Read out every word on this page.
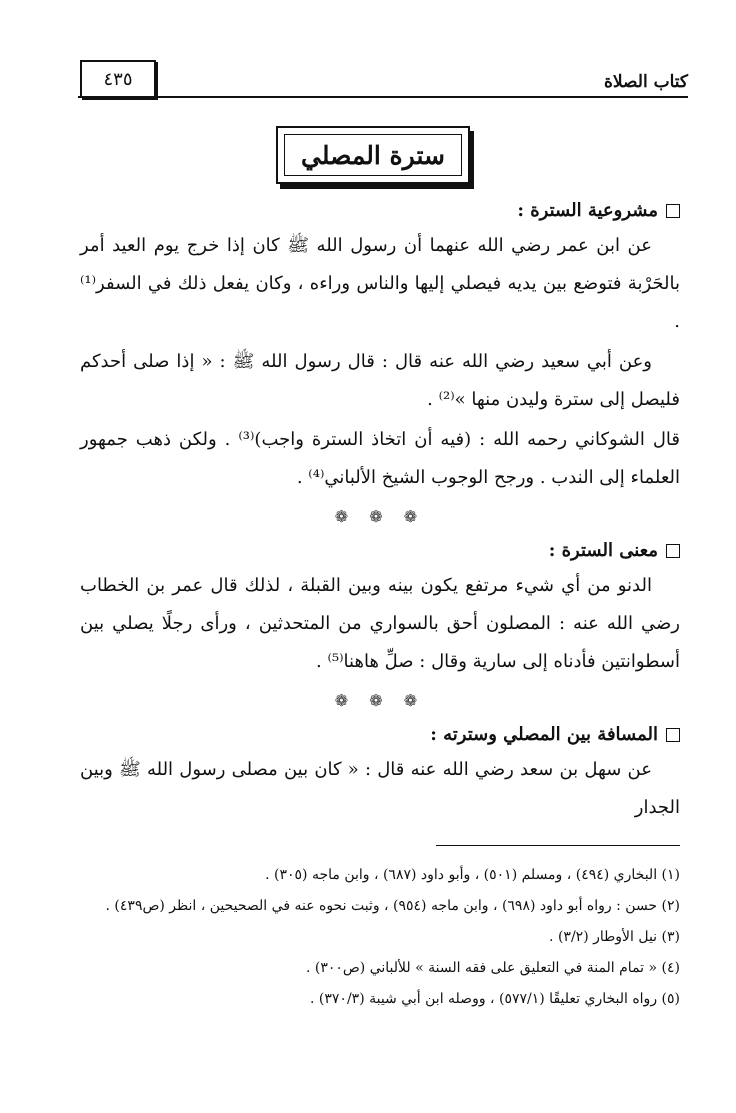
٤٣٥	كتاب الصلاة
سترة المصلي
مشروعية السترة :

عن ابن عمر رضي الله عنهما أن رسول الله ﷺ كان إذا خرج يوم العيد أمر بالحَرْبة فتوضع بين يديه فيصلي إليها والناس وراءه ، وكان يفعل ذلك في السفر⁽¹⁾ .

وعن أبي سعيد رضي الله عنه قال : قال رسول الله ﷺ : « إذا صلى أحدكم فليصل إلى سترة وليدن منها »⁽²⁾ .

قال الشوكاني رحمه الله : (فيه أن اتخاذ السترة واجب)⁽³⁾ . ولكن ذهب جمهور العلماء إلى الندب . ورجح الوجوب الشيخ الألباني⁽⁴⁾ .

❁ ❁ ❁
معنى السترة :

الدنو من أي شيء مرتفع يكون بينه وبين القبلة ، لذلك قال عمر بن الخطاب رضي الله عنه : المصلون أحق بالسواري من المتحدثين ، ورأى رجلًا يصلي بين أسطوانتين فأدناه إلى سارية وقال : صلِّ هاهنا⁽⁵⁾ .

❁ ❁ ❁
المسافة بين المصلي وسترته :

عن سهل بن سعد رضي الله عنه قال : « كان بين مصلى رسول الله ﷺ وبين الجدار

(١) البخاري (٤٩٤) ، ومسلم (٥٠١) ، وأبو داود (٦٨٧) ، وابن ماجه (٣٠٥) .

(٢) حسن : رواه أبو داود (٦٩٨) ، وابن ماجه (٩٥٤) ، وثبت نحوه عنه في الصحيحين ، انظر (ص٤٣٩) .

(٣) نيل الأوطار (٣/٢) .

(٤) « تمام المنة في التعليق على فقه السنة » للألباني (ص٣٠٠) .

(٥) رواه البخاري تعليقًا (٥٧٧/١) ، ووصله ابن أبي شيبة (٣٧٠/٣) .
